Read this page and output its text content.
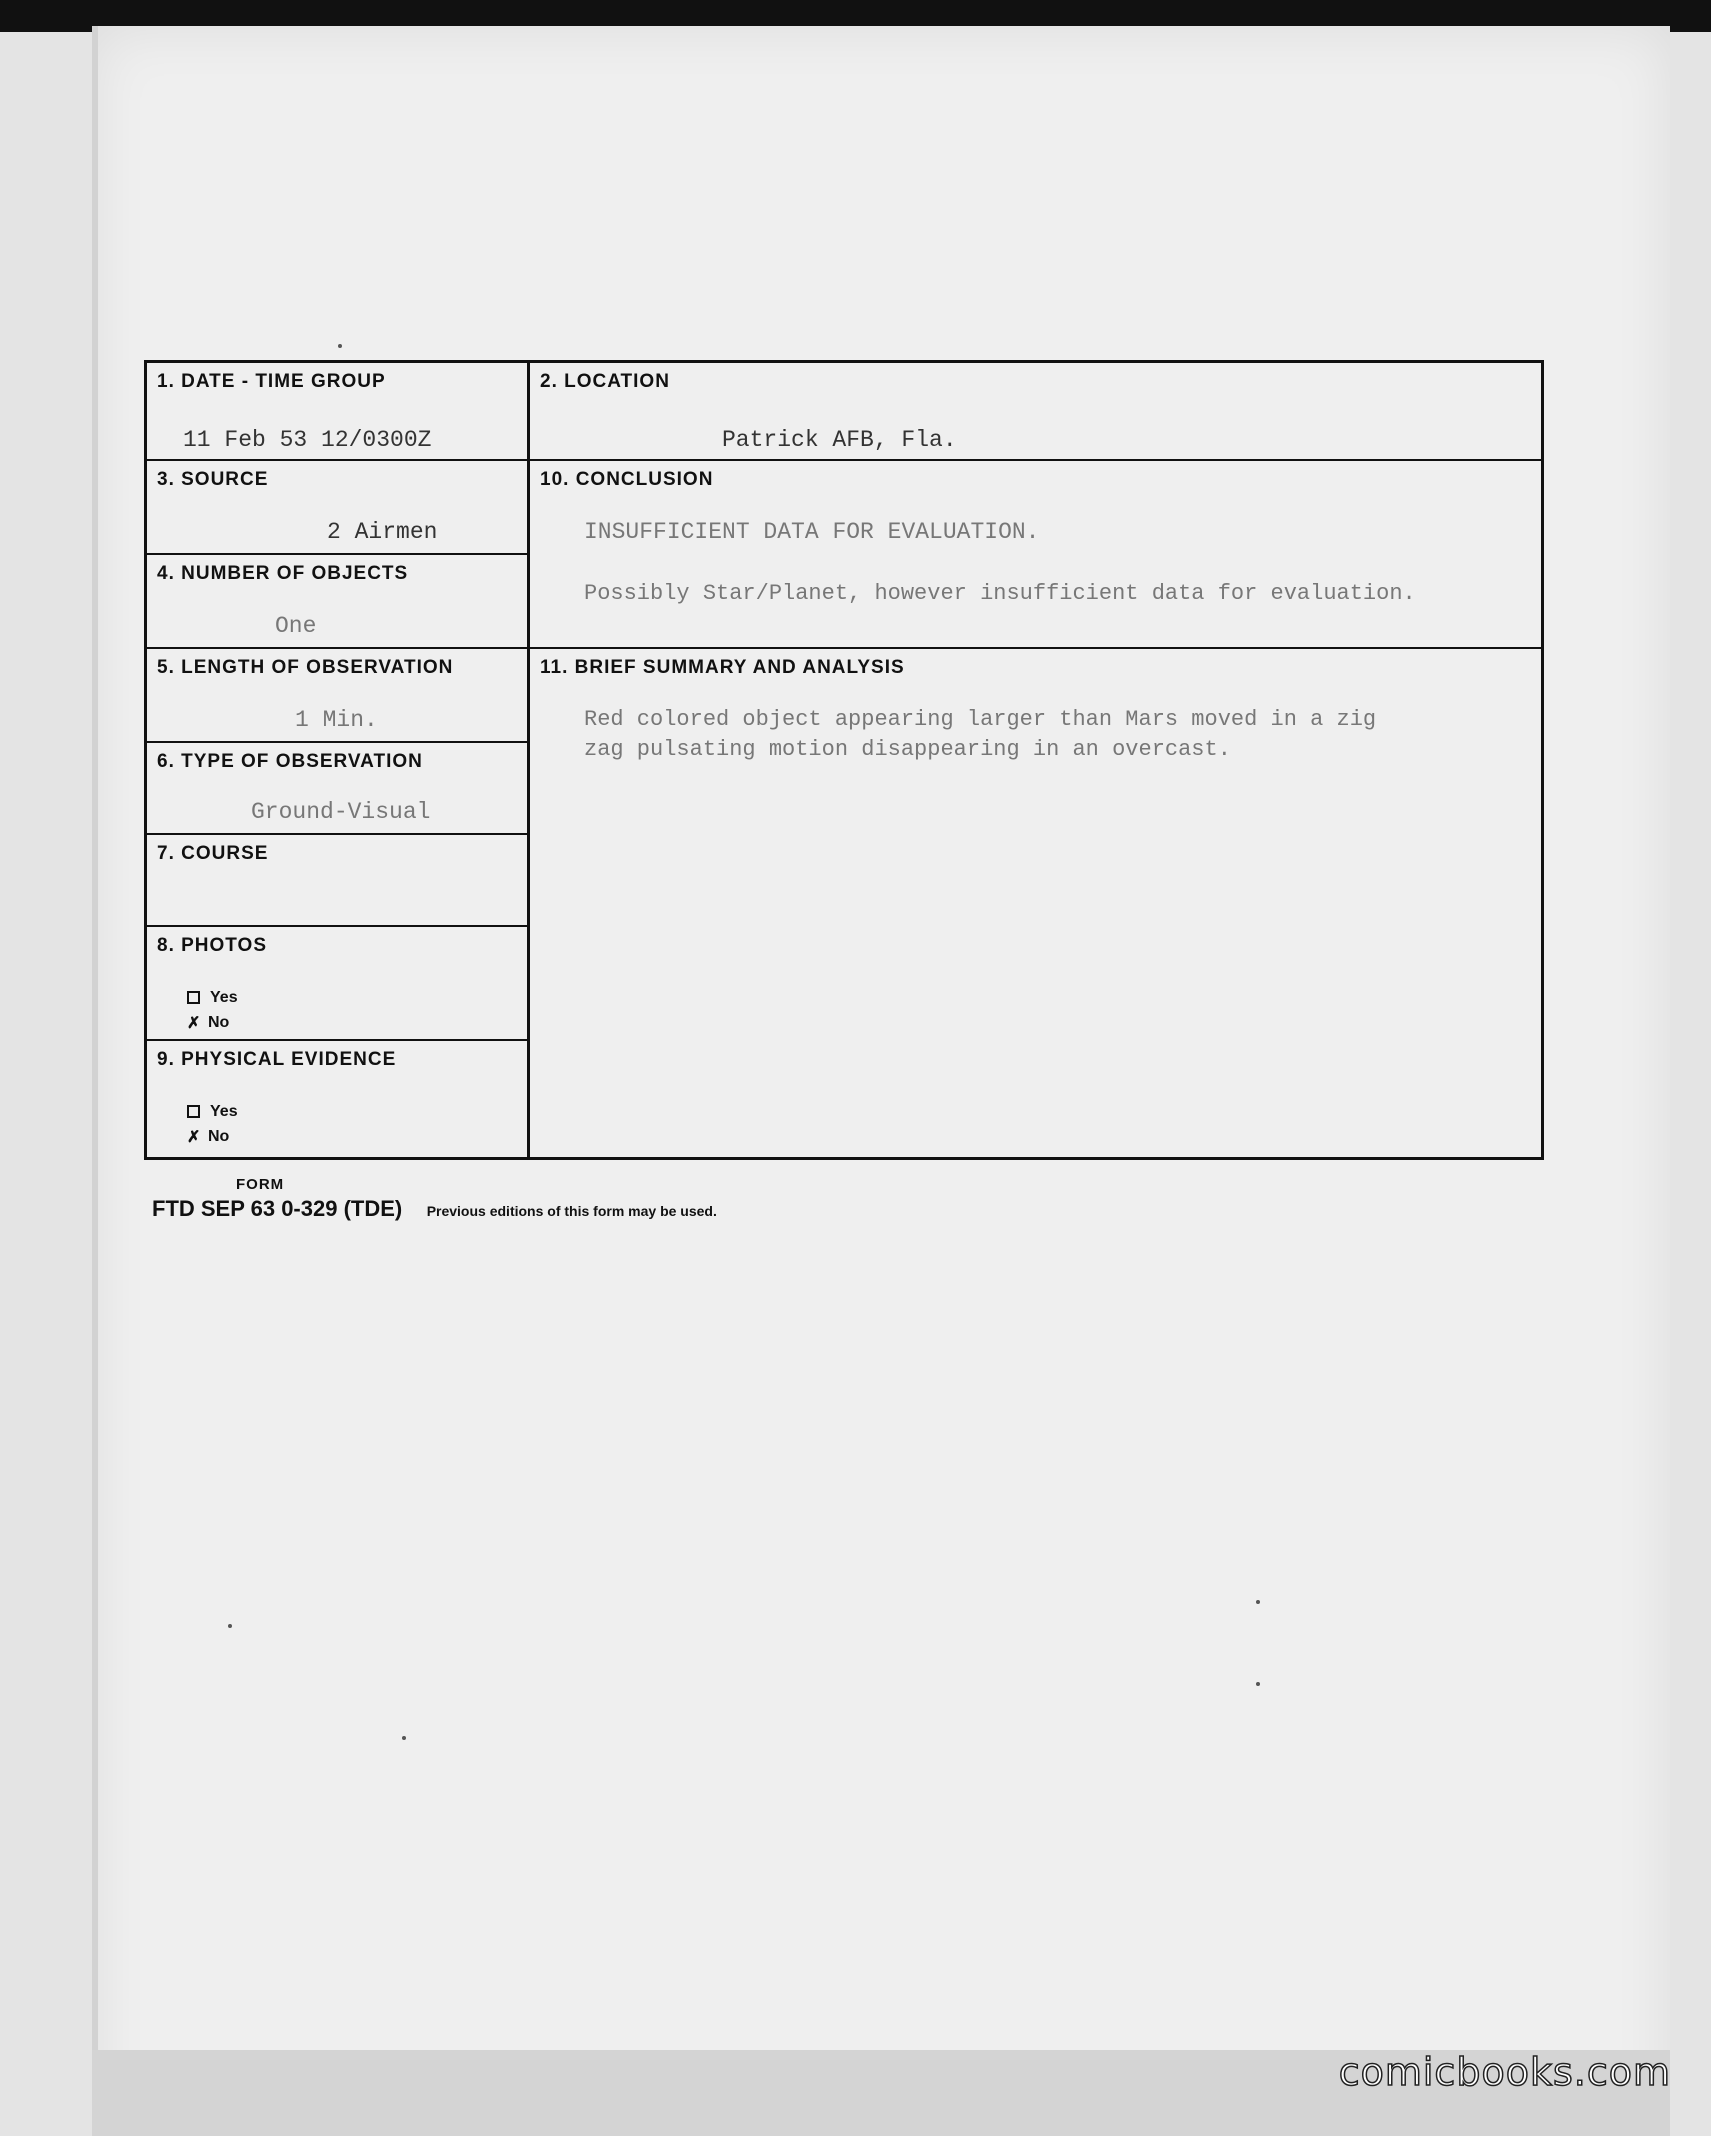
1. DATE - TIME GROUP
11 Feb 53 12/0300Z
3. SOURCE
2 Airmen
4. NUMBER OF OBJECTS
One
5. LENGTH OF OBSERVATION
1 Min.
6. TYPE OF OBSERVATION
Ground-Visual
7. COURSE
8. PHOTOS
Yes
✗ No
9. PHYSICAL EVIDENCE
Yes
✗ No
2. LOCATION
Patrick AFB, Fla.
10. CONCLUSION
INSUFFICIENT DATA FOR EVALUATION.
Possibly Star/Planet, however insufficient data for evaluation.
11. BRIEF SUMMARY AND ANALYSIS
Red colored object appearing larger than Mars moved in a zig
zag pulsating motion disappearing in an overcast.
FORM
FTD SEP 63 0-329 (TDE) Previous editions of this form may be used.
comicbooks.com
